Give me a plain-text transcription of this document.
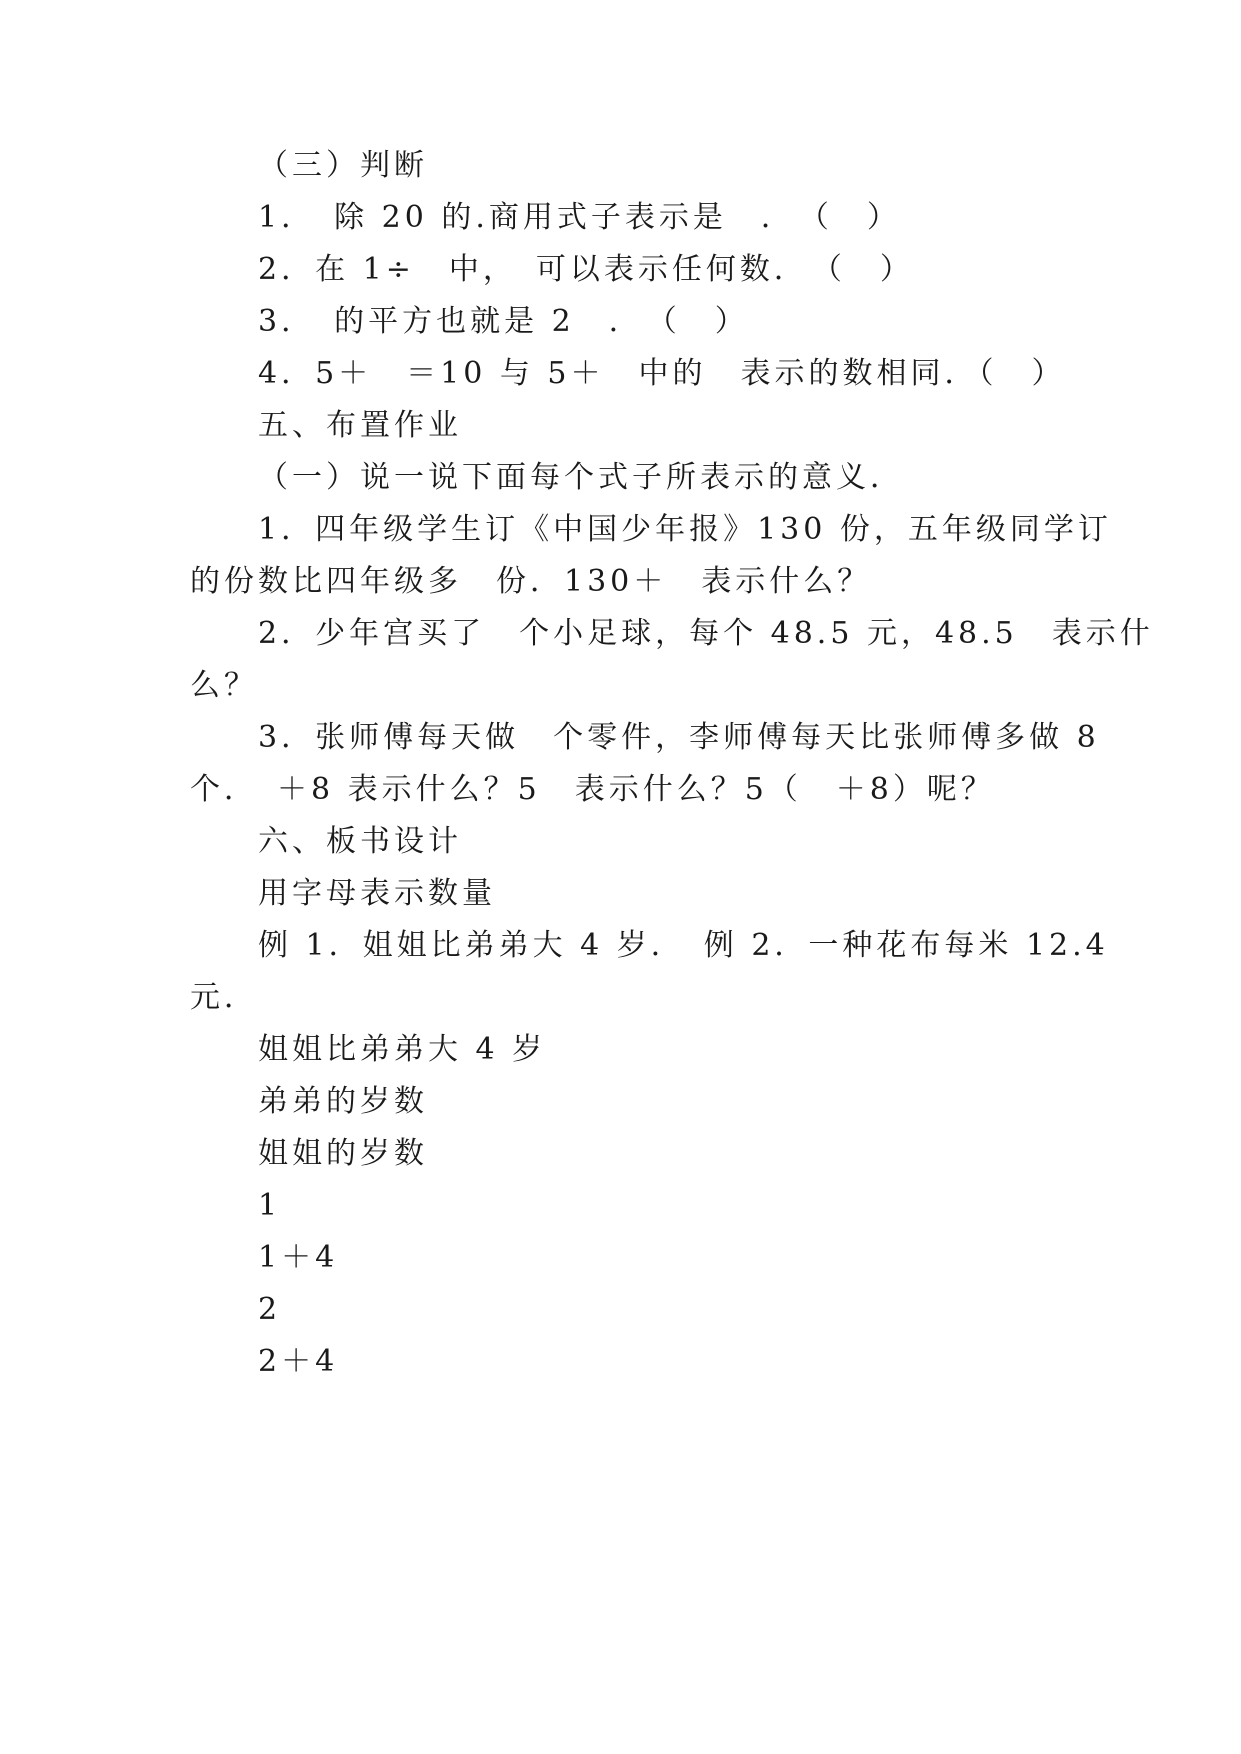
（三）判断
1．　除 20 的.商用式子表示是　．　（　）
2．在 1÷　中，　可以表示任何数．　（　）
3．　的平方也就是 2　．　（　）
4．5＋　＝10 与 5＋　中的　表示的数相同．（　）
五、布置作业
（一）说一说下面每个式子所表示的意义．
1．四年级学生订《中国少年报》130 份，五年级同学订
的份数比四年级多　份．130＋　表示什么？
2．少年宫买了　个小足球，每个 48.5 元，48.5　表示什
么？
3．张师傅每天做　个零件，李师傅每天比张师傅多做 8
个．　＋8 表示什么？5　表示什么？5（　＋8）呢？
六、板书设计
用字母表示数量
例 1．姐姐比弟弟大 4 岁．　例 2．一种花布每米 12.4
元．
姐姐比弟弟大 4 岁
弟弟的岁数
姐姐的岁数
1
1＋4
2
2＋4
